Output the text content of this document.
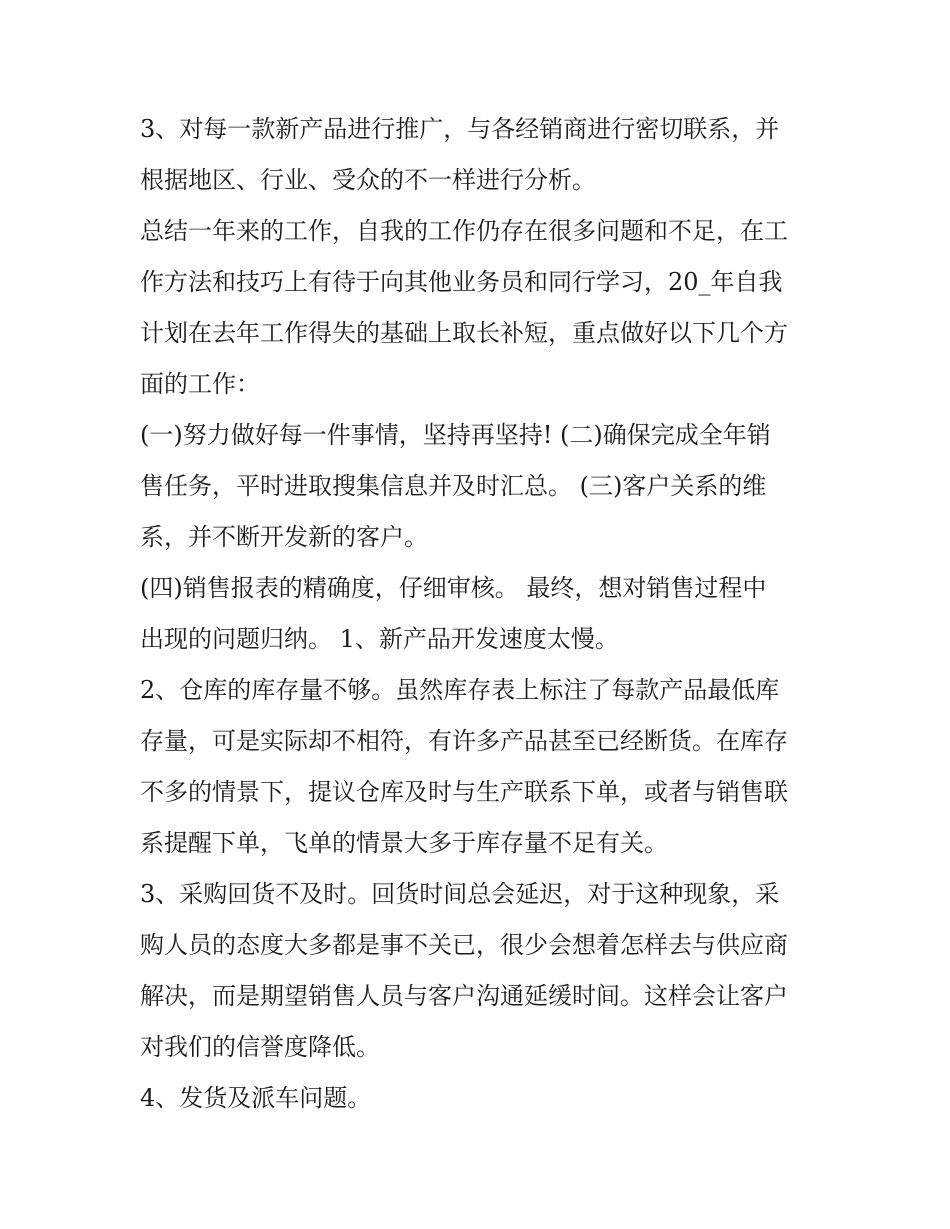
3、对每一款新产品进行推广，与各经销商进行密切联系，并
根据地区、行业、受众的不一样进行分析。
总结一年来的工作，自我的工作仍存在很多问题和不足，在工
作方法和技巧上有待于向其他业务员和同行学习，20_年自我
计划在去年工作得失的基础上取长补短，重点做好以下几个方
面的工作：
(一)努力做好每一件事情，坚持再坚持! (二)确保完成全年销
售任务，平时进取搜集信息并及时汇总。 (三)客户关系的维
系，并不断开发新的客户。
(四)销售报表的精确度，仔细审核。 最终，想对销售过程中
出现的问题归纳。 1、新产品开发速度太慢。
2、仓库的库存量不够。虽然库存表上标注了每款产品最低库
存量，可是实际却不相符，有许多产品甚至已经断货。在库存
不多的情景下，提议仓库及时与生产联系下单，或者与销售联
系提醒下单，飞单的情景大多于库存量不足有关。
3、采购回货不及时。回货时间总会延迟，对于这种现象，采
购人员的态度大多都是事不关已，很少会想着怎样去与供应商
解决，而是期望销售人员与客户沟通延缓时间。这样会让客户
对我们的信誉度降低。
4、发货及派车问题。
